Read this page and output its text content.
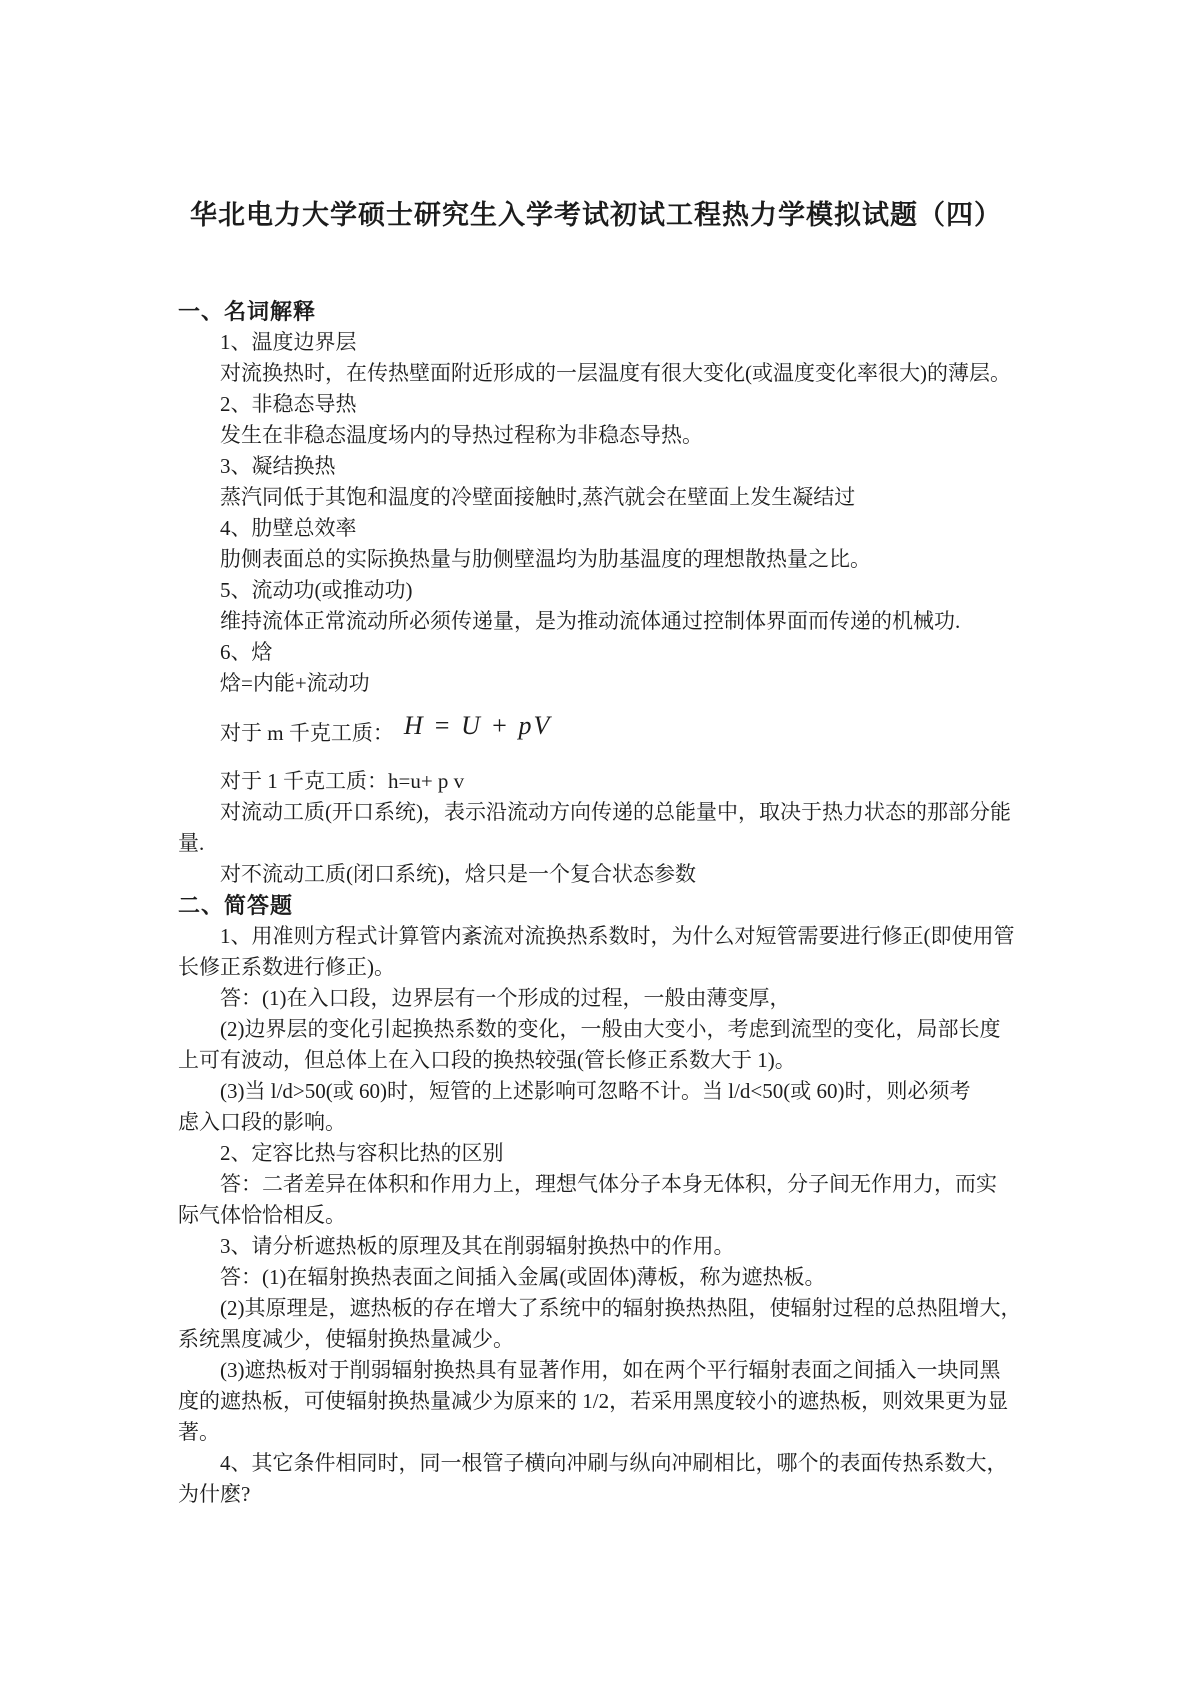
华北电力大学硕士研究生入学考试初试工程热力学模拟试题（四）
一、名词解释

1、温度边界层

对流换热时，在传热壁面附近形成的一层温度有很大变化(或温度变化率很大)的薄层。

2、非稳态导热

发生在非稳态温度场内的导热过程称为非稳态导热。

3、凝结换热

蒸汽同低于其饱和温度的冷壁面接触时,蒸汽就会在壁面上发生凝结过

4、肋壁总效率

肋侧表面总的实际换热量与肋侧壁温均为肋基温度的理想散热量之比。

5、流动功(或推动功)

维持流体正常流动所必须传递量，是为推动流体通过控制体界面而传递的机械功.

6、焓

焓=内能+流动功

对于 m 千克工质： H = U + pV

对于 1 千克工质：h=u+ p v

对流动工质(开口系统)，表示沿流动方向传递的总能量中，取决于热力状态的那部分能

量.

对不流动工质(闭口系统)，焓只是一个复合状态参数

二、简答题

1、用准则方程式计算管内紊流对流换热系数时，为什么对短管需要进行修正(即使用管

长修正系数进行修正)。

答：(1)在入口段，边界层有一个形成的过程，一般由薄变厚，

(2)边界层的变化引起换热系数的变化，一般由大变小，考虑到流型的变化，局部长度

上可有波动，但总体上在入口段的换热较强(管长修正系数大于 1)。

(3)当 l/d>50(或 60)时，短管的上述影响可忽略不计。当 l/d<50(或 60)时，则必须考

虑入口段的影响。

2、定容比热与容积比热的区别

答：二者差异在体积和作用力上，理想气体分子本身无体积，分子间无作用力，而实

际气体恰恰相反。

3、请分析遮热板的原理及其在削弱辐射换热中的作用。

答：(1)在辐射换热表面之间插入金属(或固体)薄板，称为遮热板。

(2)其原理是，遮热板的存在增大了系统中的辐射换热热阻，使辐射过程的总热阻增大，

系统黑度减少，使辐射换热量减少。

(3)遮热板对于削弱辐射换热具有显著作用，如在两个平行辐射表面之间插入一块同黑

度的遮热板，可使辐射换热量减少为原来的 1/2，若采用黑度较小的遮热板，则效果更为显

著。

4、其它条件相同时，同一根管子横向冲刷与纵向冲刷相比，哪个的表面传热系数大，

为什麽?
